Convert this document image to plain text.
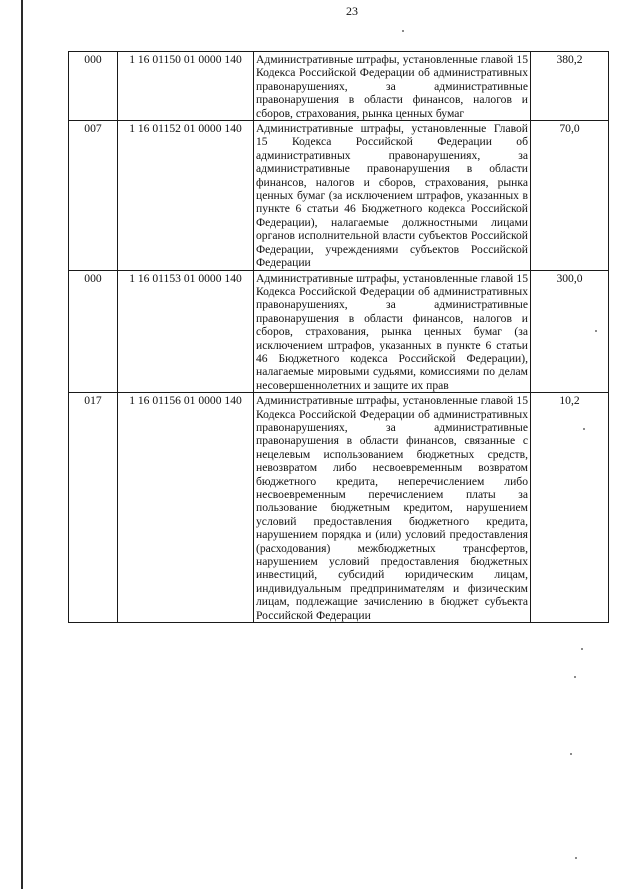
23
000	1 16 01150 01 0000 140	Административные штрафы, установленные главой 15 Кодекса Российской Федерации об административных правонарушениях, за административные правонарушения в области финансов, налогов и сборов, страхования, рынка ценных бумаг	380,2
007	1 16 01152 01 0000 140	Административные штрафы, установленные Главой 15 Кодекса Российской Федерации об административных правонарушениях, за административные правонарушения в области финансов, налогов и сборов, страхования, рынка ценных бумаг (за исключением штрафов, указанных в пункте 6 статьи 46 Бюджетного кодекса Российской Федерации), налагаемые должностными лицами органов исполнительной власти субъектов Российской Федерации, учреждениями субъектов Российской Федерации	70,0
000	1 16 01153 01 0000 140	Административные штрафы, установленные главой 15 Кодекса Российской Федерации об административных правонарушениях, за административные правонарушения в области финансов, налогов и сборов, страхования, рынка ценных бумаг (за исключением штрафов, указанных в пункте 6 статьи 46 Бюджетного кодекса Российской Федерации), налагаемые мировыми судьями, комиссиями по делам несовершеннолетних и защите их прав	300,0
017	1 16 01156 01 0000 140	Административные штрафы, установленные главой 15 Кодекса Российской Федерации об административных правонарушениях, за административные правонарушения в области финансов, связанные с нецелевым использованием бюджетных средств, невозвратом либо несвоевременным возвратом бюджетного кредита, неперечислением либо несвоевременным перечислением платы за пользование бюджетным кредитом, нарушением условий предоставления бюджетного кредита, нарушением порядка и (или) условий предоставления (расходования) межбюджетных трансфертов, нарушением условий предоставления бюджетных инвестиций, субсидий юридическим лицам, индивидуальным предпринимателям и физическим лицам, подлежащие зачислению в бюджет субъекта Российской Федерации	10,2
